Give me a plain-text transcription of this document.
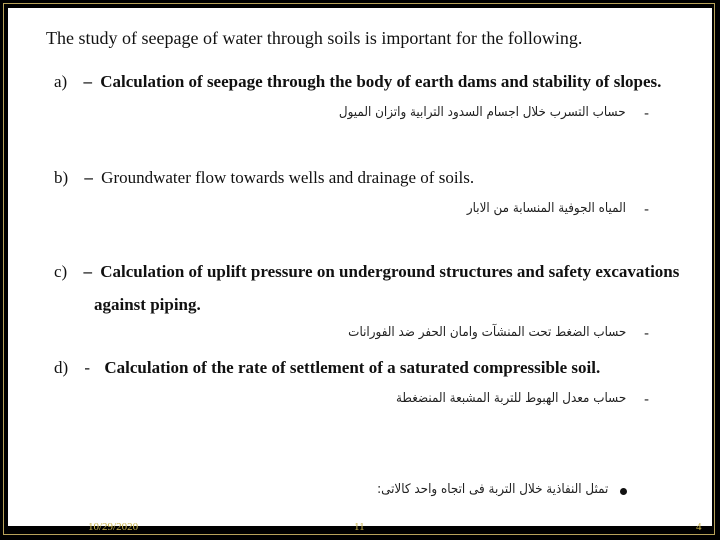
The study of seepage of water through soils is important for the following.
a) – Calculation of seepage through the body of earth dams and stability of slopes.
-
حساب التسرب خلال اجسام السدود الترابية واتزان الميول
b) – Groundwater flow towards wells and drainage of soils.
-
المياه الجوفية المنسابة من الابار
c) – Calculation of uplift pressure on underground structures and safety excavations
against piping.
-
حساب الضغط تحت المنشآت وامان الحفر ضد الفورانات
d) - Calculation of the rate of settlement of a saturated compressible soil.
-
حساب معدل الهبوط للتربة المشبعة المنضغطة
تمثل النفاذية خلال التربة فى اتجاه واحد كالاتى:
10/29/2020	11	4
